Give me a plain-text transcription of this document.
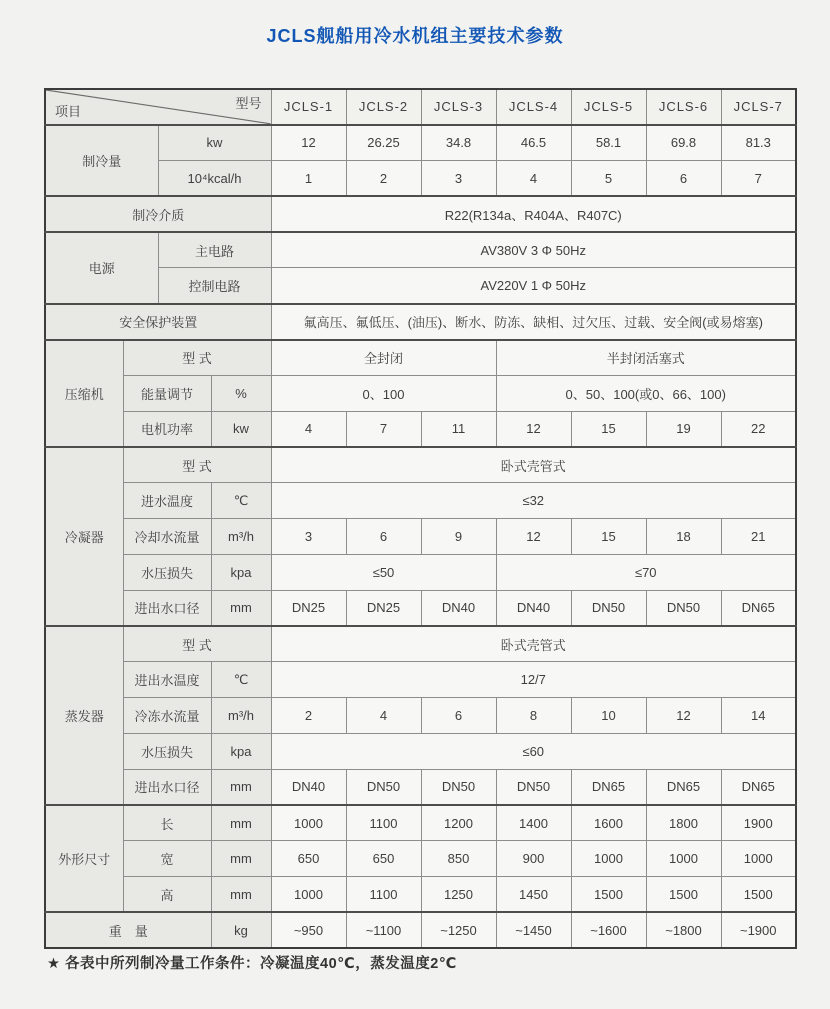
JCLS舰船用冷水机组主要技术参数
项目
型号				JCLS-1	JCLS-2	JCLS-3	JCLS-4	JCLS-5	JCLS-6	JCLS-7
制冷量		kw		12	26.25	34.8	46.5	58.1	69.8	81.3
		10⁴kcal/h		1	2	3	4	5	6	7
制冷介质				R22(R134a、R404A、R407C)						
电源		主电路		AV380V 3 Φ 50Hz						
		控制电路		AV220V 1 Φ 50Hz						
安全保护装置				氟高压、氟低压、(油压)、断水、防冻、缺相、过欠压、过载、安全阀(或易熔塞)						
压缩机	型 式			全封闭			半封闭活塞式			
	能量调节		%	0、100			0、50、100(或0、66、100)			
	电机功率		kw	4	7	11	12	15	19	22
冷凝器	型 式			卧式壳管式						
	进水温度		℃	≤32						
	冷却水流量		m³/h	3	6	9	12	15	18	21
	水压损失		kpa	≤50			≤70			
	进出水口径		mm	DN25	DN25	DN40	DN40	DN50	DN50	DN65
蒸发器	型 式			卧式壳管式						
	进出水温度		℃	12/7						
	冷冻水流量		m³/h	2	4	6	8	10	12	14
	水压损失		kpa	≤60						
	进出水口径		mm	DN40	DN50	DN50	DN50	DN65	DN65	DN65
外形尺寸	长		mm	1000	1100	1200	1400	1600	1800	1900
	宽		mm	650	650	850	900	1000	1000	1000
	高		mm	1000	1100	1250	1450	1500	1500	1500
重　量			kg	~950	~1100	~1250	~1450	~1600	~1800	~1900
★ 各表中所列制冷量工作条件：冷凝温度40℃，蒸发温度2℃
